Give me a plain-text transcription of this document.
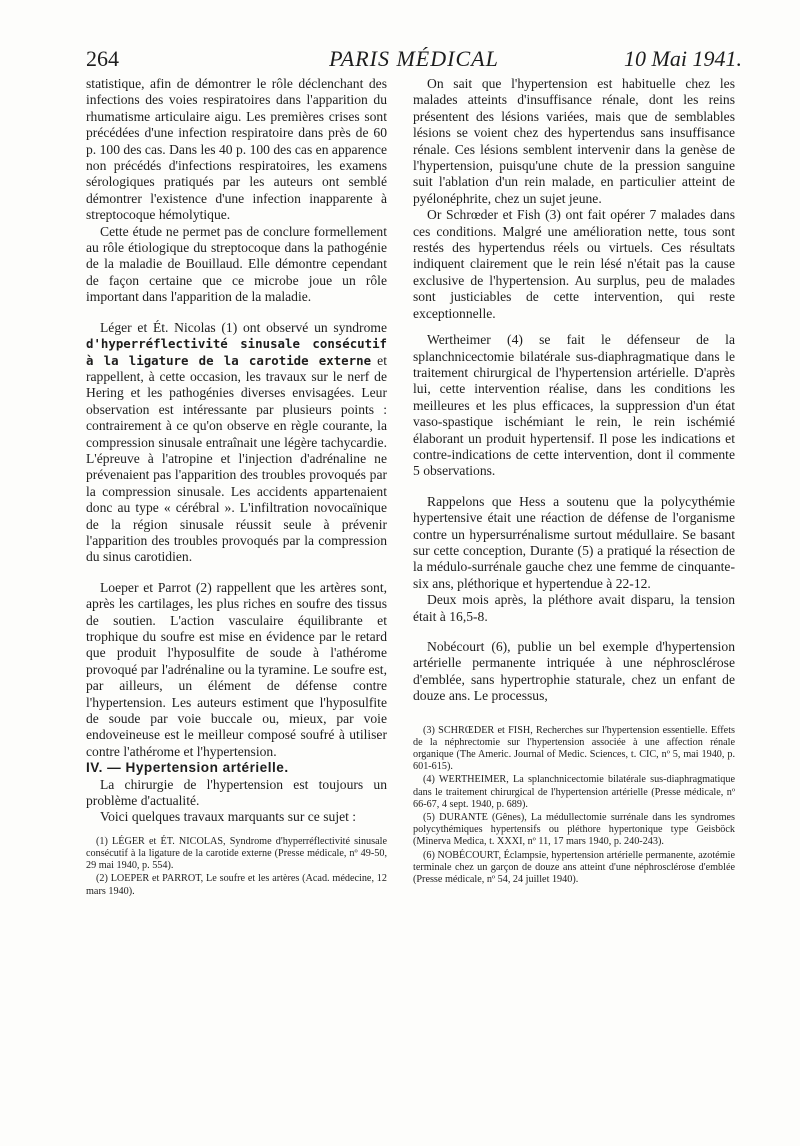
264	PARIS MÉDICAL	10 Mai 1941.

statistique, afin de démontrer le rôle déclenchant des infections des voies respiratoires dans l'apparition du rhumatisme articulaire aigu. Les premières crises sont précédées d'une infection respiratoire dans près de 60 p. 100 des cas. Dans les 40 p. 100 des cas en apparence non précédés d'infections respiratoires, les examens sérologiques pratiqués par les auteurs ont semblé démontrer l'existence d'une infection inapparente à streptocoque hémolytique.

Cette étude ne permet pas de conclure formellement au rôle étiologique du streptocoque dans la pathogénie de la maladie de Bouillaud. Elle démontre cependant de façon certaine que ce microbe joue un rôle important dans l'apparition de la maladie.

Léger et Ét. Nicolas (1) ont observé un syndrome d'hyperréflectivité sinusale consécutif à la ligature de la carotide externe et rappellent, à cette occasion, les travaux sur le nerf de Hering et les pathogénies diverses envisagées. Leur observation est intéressante par plusieurs points : contrairement à ce qu'on observe en règle courante, la compression sinusale entraînait une légère tachycardie. L'épreuve à l'atropine et l'injection d'adrénaline ne prévenaient pas l'apparition des troubles provoqués par la compression sinusale. Les accidents appartenaient donc au type « cérébral ». L'infiltration novocaïnique de la région sinusale réussit seule à prévenir l'apparition des troubles provoqués par la compression du sinus carotidien.

Loeper et Parrot (2) rappellent que les artères sont, après les cartilages, les plus riches en soufre des tissus de soutien. L'action vasculaire équilibrante et trophique du soufre est mise en évidence par le retard que produit l'hyposulfite de soude à l'athérome provoqué par l'adrénaline ou la tyramine. Le soufre est, par ailleurs, un élément de défense contre l'hypertension. Les auteurs estiment que l'hyposulfite de soude par voie buccale ou, mieux, par voie endoveineuse est le meilleur composé soufré à utiliser contre l'athérome et l'hypertension.

IV. — Hypertension artérielle.

La chirurgie de l'hypertension est toujours un problème d'actualité.

Voici quelques travaux marquants sur ce sujet :

(1) LÉGER et ÉT. NICOLAS, Syndrome d'hyperréflectivité sinusale consécutif à la ligature de la carotide externe (Presse médicale, nº 49-50, 29 mai 1940, p. 554).

(2) LOEPER et PARROT, Le soufre et les artères (Acad. médecine, 12 mars 1940).

On sait que l'hypertension est habituelle chez les malades atteints d'insuffisance rénale, dont les reins présentent des lésions variées, mais que de semblables lésions se voient chez des hypertendus sans insuffisance rénale. Ces lésions semblent intervenir dans la genèse de l'hypertension, puisqu'une chute de la pression sanguine suit l'ablation d'un rein malade, en particulier atteint de pyélonéphrite, chez un sujet jeune.

Or Schrœder et Fish (3) ont fait opérer 7 malades dans ces conditions. Malgré une amélioration nette, tous sont restés des hypertendus réels ou virtuels. Ces résultats indiquent clairement que le rein lésé n'était pas la cause exclusive de l'hypertension. Au surplus, peu de malades sont justiciables de cette intervention, qui reste exceptionnelle.

Wertheimer (4) se fait le défenseur de la splanchnicectomie bilatérale sus-diaphragmatique dans le traitement chirurgical de l'hypertension artérielle. D'après lui, cette intervention réalise, dans les conditions les meilleures et les plus efficaces, la suppression d'un état vaso-spastique ischémiant le rein, le rein ischémié élaborant un produit hypertensif. Il pose les indications et contre-indications de cette intervention, dont il commente 5 observations.

Rappelons que Hess a soutenu que la polycythémie hypertensive était une réaction de défense de l'organisme contre un hypersurrénalisme surtout médullaire. Se basant sur cette conception, Durante (5) a pratiqué la résection de la médulo-surrénale gauche chez une femme de cinquante-six ans, pléthorique et hypertendue à 22-12.

Deux mois après, la pléthore avait disparu, la tension était à 16,5-8.

Nobécourt (6), publie un bel exemple d'hypertension artérielle permanente intriquée à une néphrosclérose d'emblée, sans hypertrophie staturale, chez un enfant de douze ans. Le processus,

(3) SCHRŒDER et FISH, Recherches sur l'hypertension essentielle. Effets de la néphrectomie sur l'hypertension associée à une affection rénale organique (The Americ. Journal of Medic. Sciences, t. CIC, nº 5, mai 1940, p. 601-615).

(4) WERTHEIMER, La splanchnicectomie bilatérale sus-diaphragmatique dans le traitement chirurgical de l'hypertension artérielle (Presse médicale, nº 66-67, 4 sept. 1940, p. 689).

(5) DURANTE (Gênes), La médullectomie surrénale dans les syndromes polycythémiques hypertensifs ou pléthore hypertonique type Geisböck (Minerva Medica, t. XXXI, nº 11, 17 mars 1940, p. 240-243).

(6) NOBÉCOURT, Éclampsie, hypertension artérielle permanente, azotémie terminale chez un garçon de douze ans atteint d'une néphrosclérose d'emblée (Presse médicale, nº 54, 24 juillet 1940).
